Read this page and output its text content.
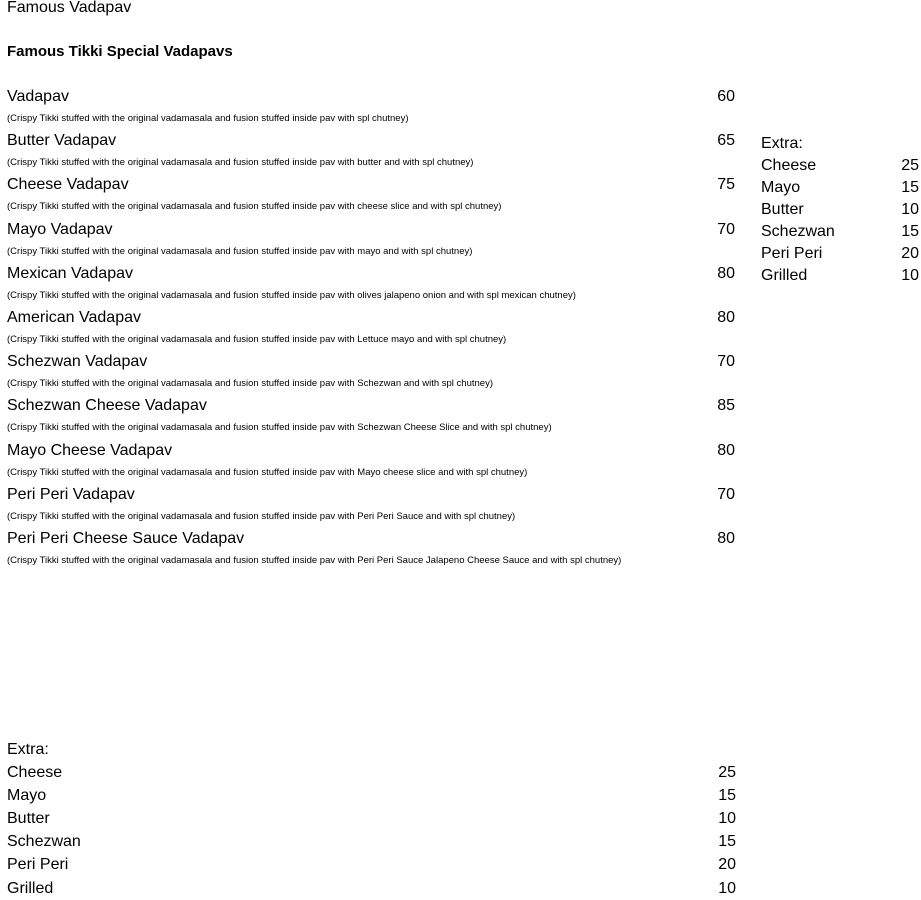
Famous Vadapav
Famous Tikki Special Vadapavs
Vadapav	60
(Crispy Tikki stuffed with the original vadamasala and fusion stuffed inside pav with spl chutney)
Butter Vadapav	65
(Crispy Tikki stuffed with the original vadamasala and fusion stuffed inside pav with butter and with spl chutney)
Cheese Vadapav	75
(Crispy Tikki stuffed with the original vadamasala and fusion stuffed inside pav with cheese slice and with spl chutney)
Mayo Vadapav	70
(Crispy Tikki stuffed with the original vadamasala and fusion stuffed inside pav with mayo and with spl chutney)
Mexican Vadapav	80
(Crispy Tikki stuffed with the original vadamasala and fusion stuffed inside pav with olives jalapeno onion and with spl mexican chutney)
American Vadapav	80
(Crispy Tikki stuffed with the original vadamasala and fusion stuffed inside pav with Lettuce mayo and with spl chutney)
Schezwan Vadapav	70
(Crispy Tikki stuffed with the original vadamasala and fusion stuffed inside pav with Schezwan and with spl chutney)
Schezwan Cheese Vadapav	85
(Crispy Tikki stuffed with the original vadamasala and fusion stuffed inside pav with Schezwan Cheese Slice and with spl chutney)
Mayo Cheese Vadapav	80
(Crispy Tikki stuffed with the original vadamasala and fusion stuffed inside pav with Mayo cheese slice and with spl chutney)
Peri Peri Vadapav	70
(Crispy Tikki stuffed with the original vadamasala and fusion stuffed inside pav with Peri Peri Sauce and with spl chutney)
Peri Peri Cheese Sauce Vadapav	80
(Crispy Tikki stuffed with the original vadamasala and fusion stuffed inside pav with Peri Peri Sauce Jalapeno Cheese Sauce and with spl chutney)
Extra:
Cheese	25
Mayo	15
Butter	10
Schezwan	15
Peri Peri	20
Grilled	10
Extra:
Cheese	25
Mayo	15
Butter	10
Schezwan	15
Peri Peri	20
Grilled	10
